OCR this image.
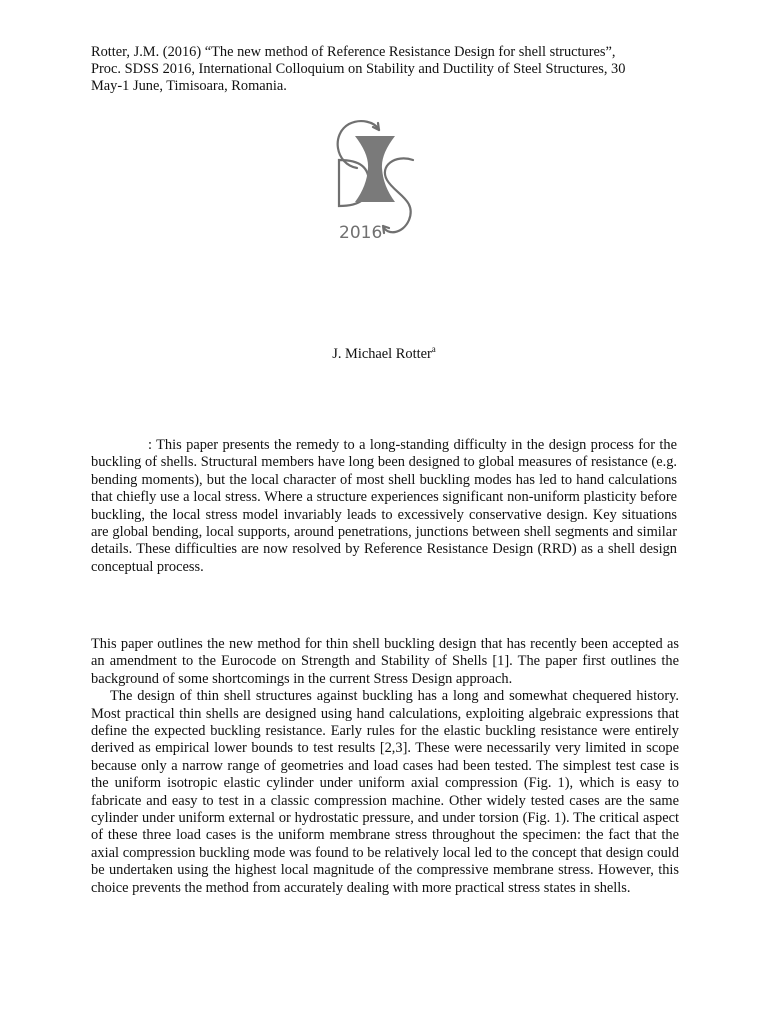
Rotter, J.M. (2016) “The new method of Reference Resistance Design for shell structures”,
Proc. SDSS 2016, International Colloquium on Stability and Ductility of Steel Structures, 30
May-1 June, Timisoara, Romania.
2016
J. Michael Rotter$^a$
: This paper presents the remedy to a long-standing difficulty in the design process for the buckling of shells. Structural members have long been designed to global measures of resistance (e.g. bending moments), but the local character of most shell buckling modes has led to hand calculations that chiefly use a local stress. Where a structure experiences significant non-uniform plasticity before buckling, the local stress model invariably leads to excessively conservative design. Key situations are global bending, local supports, around penetrations, junctions between shell segments and similar details. These difficulties are now resolved by Reference Resistance Design (RRD) as a shell design conceptual process.

This paper outlines the new method for thin shell buckling design that has recently been accepted as an amendment to the Eurocode on Strength and Stability of Shells [1]. The paper first outlines the background of some shortcomings in the current Stress Design approach.

The design of thin shell structures against buckling has a long and somewhat chequered history. Most practical thin shells are designed using hand calculations, exploiting algebraic expressions that define the expected buckling resistance. Early rules for the elastic buckling resistance were entirely derived as empirical lower bounds to test results [2,3]. These were necessarily very limited in scope because only a narrow range of geometries and load cases had been tested. The simplest test case is the uniform isotropic elastic cylinder under uniform axial compression (Fig. 1), which is easy to fabricate and easy to test in a classic compression machine. Other widely tested cases are the same cylinder under uniform external or hydrostatic pressure, and under torsion (Fig. 1). The critical aspect of these three load cases is the uniform membrane stress throughout the specimen: the fact that the axial compression buckling mode was found to be relatively local led to the concept that design could be undertaken using the highest local magnitude of the compressive membrane stress. However, this choice prevents the method from accurately dealing with more practical stress states in shells.
